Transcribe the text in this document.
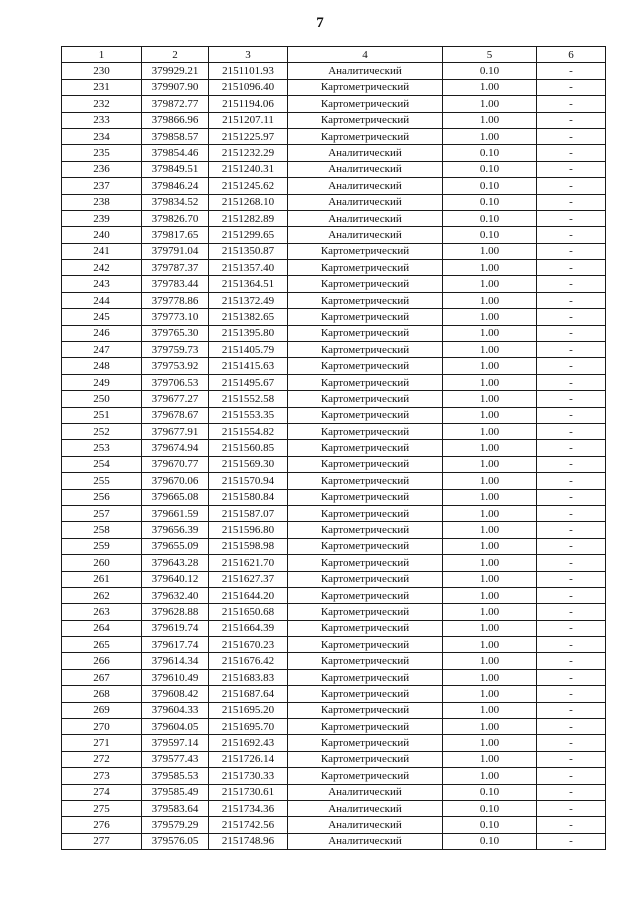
7
1	2	3	4	5	6
230	379929.21	2151101.93	Аналитический	0.10	-
231	379907.90	2151096.40	Картометрический	1.00	-
232	379872.77	2151194.06	Картометрический	1.00	-
233	379866.96	2151207.11	Картометрический	1.00	-
234	379858.57	2151225.97	Картометрический	1.00	-
235	379854.46	2151232.29	Аналитический	0.10	-
236	379849.51	2151240.31	Аналитический	0.10	-
237	379846.24	2151245.62	Аналитический	0.10	-
238	379834.52	2151268.10	Аналитический	0.10	-
239	379826.70	2151282.89	Аналитический	0.10	-
240	379817.65	2151299.65	Аналитический	0.10	-
241	379791.04	2151350.87	Картометрический	1.00	-
242	379787.37	2151357.40	Картометрический	1.00	-
243	379783.44	2151364.51	Картометрический	1.00	-
244	379778.86	2151372.49	Картометрический	1.00	-
245	379773.10	2151382.65	Картометрический	1.00	-
246	379765.30	2151395.80	Картометрический	1.00	-
247	379759.73	2151405.79	Картометрический	1.00	-
248	379753.92	2151415.63	Картометрический	1.00	-
249	379706.53	2151495.67	Картометрический	1.00	-
250	379677.27	2151552.58	Картометрический	1.00	-
251	379678.67	2151553.35	Картометрический	1.00	-
252	379677.91	2151554.82	Картометрический	1.00	-
253	379674.94	2151560.85	Картометрический	1.00	-
254	379670.77	2151569.30	Картометрический	1.00	-
255	379670.06	2151570.94	Картометрический	1.00	-
256	379665.08	2151580.84	Картометрический	1.00	-
257	379661.59	2151587.07	Картометрический	1.00	-
258	379656.39	2151596.80	Картометрический	1.00	-
259	379655.09	2151598.98	Картометрический	1.00	-
260	379643.28	2151621.70	Картометрический	1.00	-
261	379640.12	2151627.37	Картометрический	1.00	-
262	379632.40	2151644.20	Картометрический	1.00	-
263	379628.88	2151650.68	Картометрический	1.00	-
264	379619.74	2151664.39	Картометрический	1.00	-
265	379617.74	2151670.23	Картометрический	1.00	-
266	379614.34	2151676.42	Картометрический	1.00	-
267	379610.49	2151683.83	Картометрический	1.00	-
268	379608.42	2151687.64	Картометрический	1.00	-
269	379604.33	2151695.20	Картометрический	1.00	-
270	379604.05	2151695.70	Картометрический	1.00	-
271	379597.14	2151692.43	Картометрический	1.00	-
272	379577.43	2151726.14	Картометрический	1.00	-
273	379585.53	2151730.33	Картометрический	1.00	-
274	379585.49	2151730.61	Аналитический	0.10	-
275	379583.64	2151734.36	Аналитический	0.10	-
276	379579.29	2151742.56	Аналитический	0.10	-
277	379576.05	2151748.96	Аналитический	0.10	-
